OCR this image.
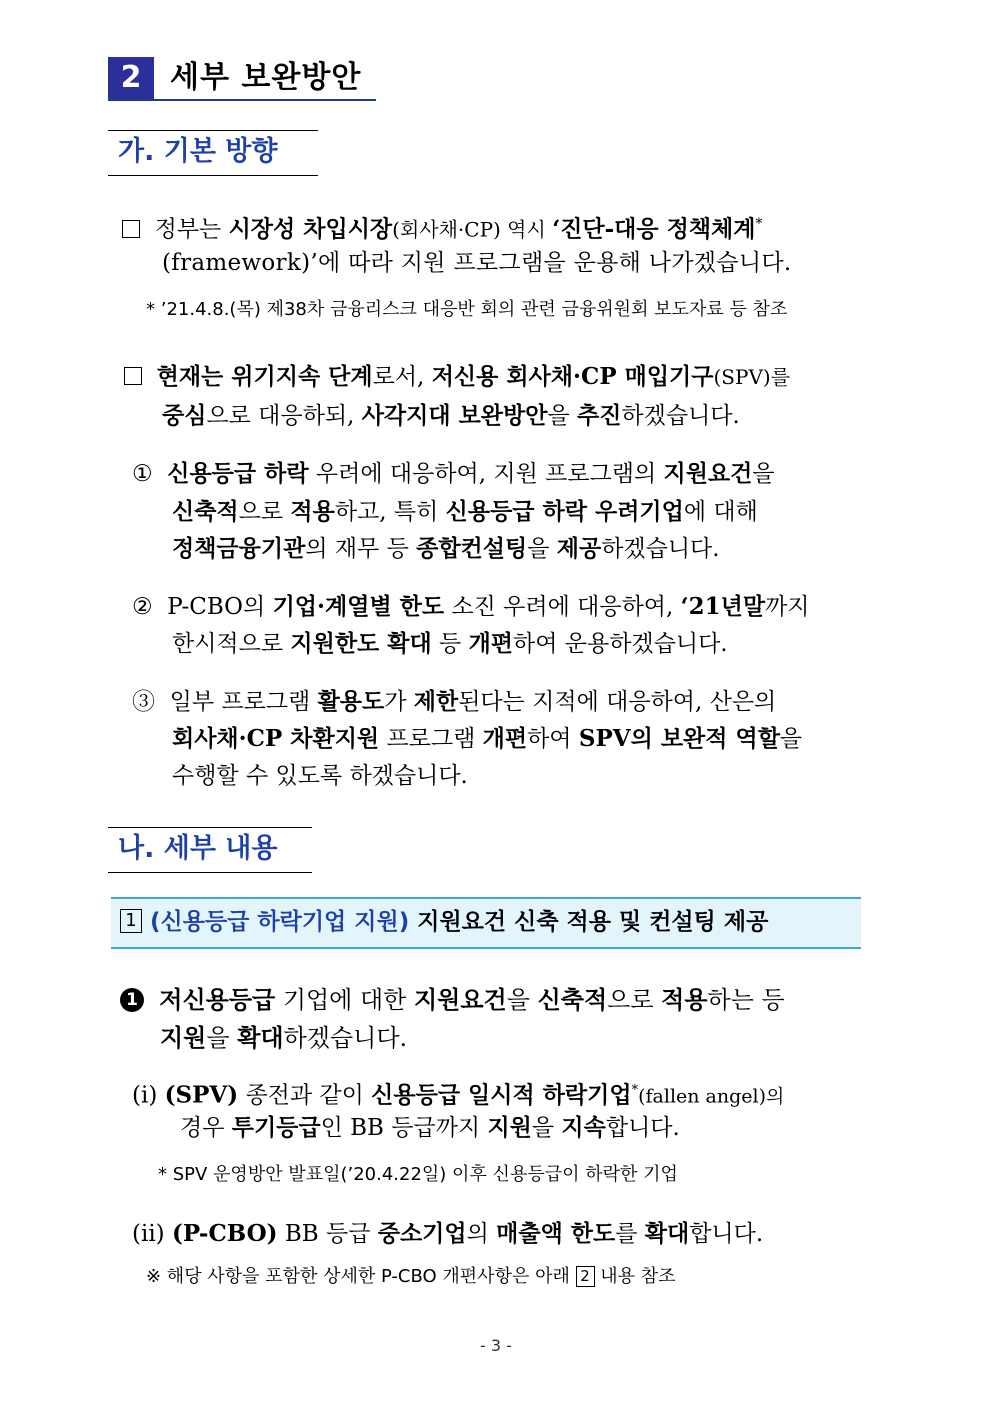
2 세부 보완방안
가. 기본 방향
정부는 시장성 차입시장(회사채·CP) 역시 ‘진단-대응 정책체계*
(framework)’에 따라 지원 프로그램을 운용해 나가겠습니다.
* ’21.4.8.(목) 제38차 금융리스크 대응반 회의 관련 금융위원회 보도자료 등 참조
현재는 위기지속 단계로서, 저신용 회사채·CP 매입기구(SPV)를
중심으로 대응하되, 사각지대 보완방안을 추진하겠습니다.
① 신용등급 하락 우려에 대응하여, 지원 프로그램의 지원요건을
신축적으로 적용하고, 특히 신용등급 하락 우려기업에 대해
정책금융기관의 재무 등 종합컨설팅을 제공하겠습니다.
② P-CBO의 기업·계열별 한도 소진 우려에 대응하여, ‘21년말까지
한시적으로 지원한도 확대 등 개편하여 운용하겠습니다.
③ 일부 프로그램 활용도가 제한된다는 지적에 대응하여, 산은의
회사채·CP 차환지원 프로그램 개편하여 SPV의 보완적 역할을
수행할 수 있도록 하겠습니다.
나. 세부 내용
1 (신용등급 하락기업 지원) 지원요건 신축 적용 및 컨설팅 제공
1 저신용등급 기업에 대한 지원요건을 신축적으로 적용하는 등
지원을 확대하겠습니다.
(i) (SPV) 종전과 같이 신용등급 일시적 하락기업*(fallen angel)의
경우 투기등급인 BB 등급까지 지원을 지속합니다.
* SPV 운영방안 발표일(’20.4.22일) 이후 신용등급이 하락한 기업
(ii) (P-CBO) BB 등급 중소기업의 매출액 한도를 확대합니다.
※ 해당 사항을 포함한 상세한 P-CBO 개편사항은 아래 2 내용 참조
- 3 -
